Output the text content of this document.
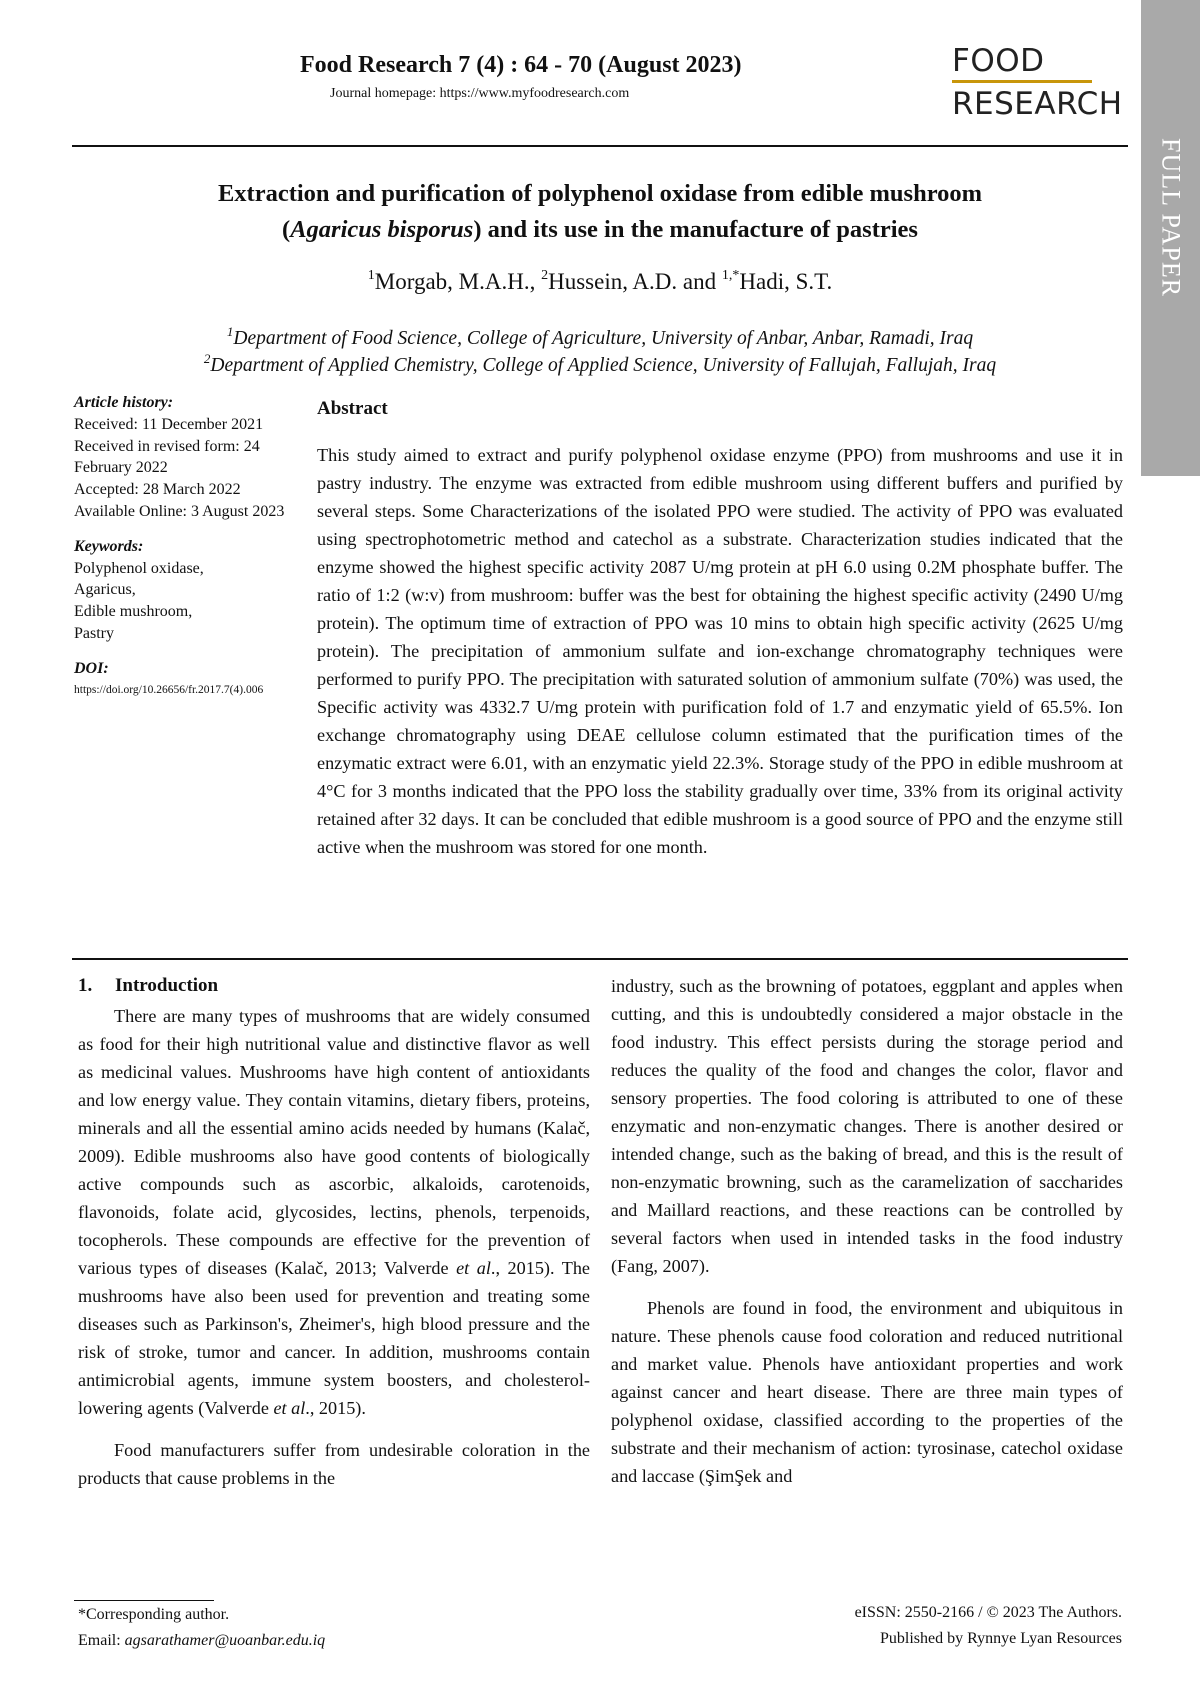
Food Research 7 (4) : 64 - 70 (August 2023)
Journal homepage: https://www.myfoodresearch.com
FOOD
RESEARCH
FULL PAPER
Extraction and purification of polyphenol oxidase from edible mushroom
(Agaricus bisporus) and its use in the manufacture of pastries
$^1$Morgab, M.A.H., $^2$Hussein, A.D. and $^{1,*}$Hadi, S.T.
$^1$Department of Food Science, College of Agriculture, University of Anbar, Anbar, Ramadi, Iraq
$^2$Department of Applied Chemistry, College of Applied Science, University of Fallujah, Fallujah, Iraq
Article history:
Received: 11 December 2021
Received in revised form: 24 February 2022
Accepted: 28 March 2022
Available Online: 3 August 2023
Keywords:
Polyphenol oxidase,
Agaricus,
Edible mushroom,
Pastry
DOI:
https://doi.org/10.26656/fr.2017.7(4).006
Abstract
This study aimed to extract and purify polyphenol oxidase enzyme (PPO) from mushrooms and use it in pastry industry. The enzyme was extracted from edible mushroom using different buffers and purified by several steps. Some Characterizations of the isolated PPO were studied. The activity of PPO was evaluated using spectrophotometric method and catechol as a substrate. Characterization studies indicated that the enzyme showed the highest specific activity 2087 U/mg protein at pH 6.0 using 0.2M phosphate buffer. The ratio of 1:2 (w:v) from mushroom: buffer was the best for obtaining the highest specific activity (2490 U/mg protein). The optimum time of extraction of PPO was 10 mins to obtain high specific activity (2625 U/mg protein). The precipitation of ammonium sulfate and ion-exchange chromatography techniques were performed to purify PPO. The precipitation with saturated solution of ammonium sulfate (70%) was used, the Specific activity was 4332.7 U/mg protein with purification fold of 1.7 and enzymatic yield of 65.5%. Ion exchange chromatography using DEAE cellulose column estimated that the purification times of the enzymatic extract were 6.01, with an enzymatic yield 22.3%. Storage study of the PPO in edible mushroom at 4°C for 3 months indicated that the PPO loss the stability gradually over time, 33% from its original activity retained after 32 days. It can be concluded that edible mushroom is a good source of PPO and the enzyme still active when the mushroom was stored for one month.
1. Introduction

There are many types of mushrooms that are widely consumed as food for their high nutritional value and distinctive flavor as well as medicinal values. Mushrooms have high content of antioxidants and low energy value. They contain vitamins, dietary fibers, proteins, minerals and all the essential amino acids needed by humans (Kalač, 2009). Edible mushrooms also have good contents of biologically active compounds such as ascorbic, alkaloids, carotenoids, flavonoids, folate acid, glycosides, lectins, phenols, terpenoids, tocopherols. These compounds are effective for the prevention of various types of diseases (Kalač, 2013; Valverde et al., 2015). The mushrooms have also been used for prevention and treating some diseases such as Parkinson's, Zheimer's, high blood pressure and the risk of stroke, tumor and cancer. In addition, mushrooms contain antimicrobial agents, immune system boosters, and cholesterol-lowering agents (Valverde et al., 2015).

Food manufacturers suffer from undesirable coloration in the products that cause problems in the

industry, such as the browning of potatoes, eggplant and apples when cutting, and this is undoubtedly considered a major obstacle in the food industry. This effect persists during the storage period and reduces the quality of the food and changes the color, flavor and sensory properties. The food coloring is attributed to one of these enzymatic and non-enzymatic changes. There is another desired or intended change, such as the baking of bread, and this is the result of non-enzymatic browning, such as the caramelization of saccharides and Maillard reactions, and these reactions can be controlled by several factors when used in intended tasks in the food industry (Fang, 2007).

Phenols are found in food, the environment and ubiquitous in nature. These phenols cause food coloration and reduced nutritional and market value. Phenols have antioxidant properties and work against cancer and heart disease. There are three main types of polyphenol oxidase, classified according to the properties of the substrate and their mechanism of action: tyrosinase, catechol oxidase and laccase (ŞimŞek and

*Corresponding author.
Email: agsarathamer@uoanbar.edu.iq
eISSN: 2550-2166 / © 2023 The Authors.
Published by Rynnye Lyan Resources
